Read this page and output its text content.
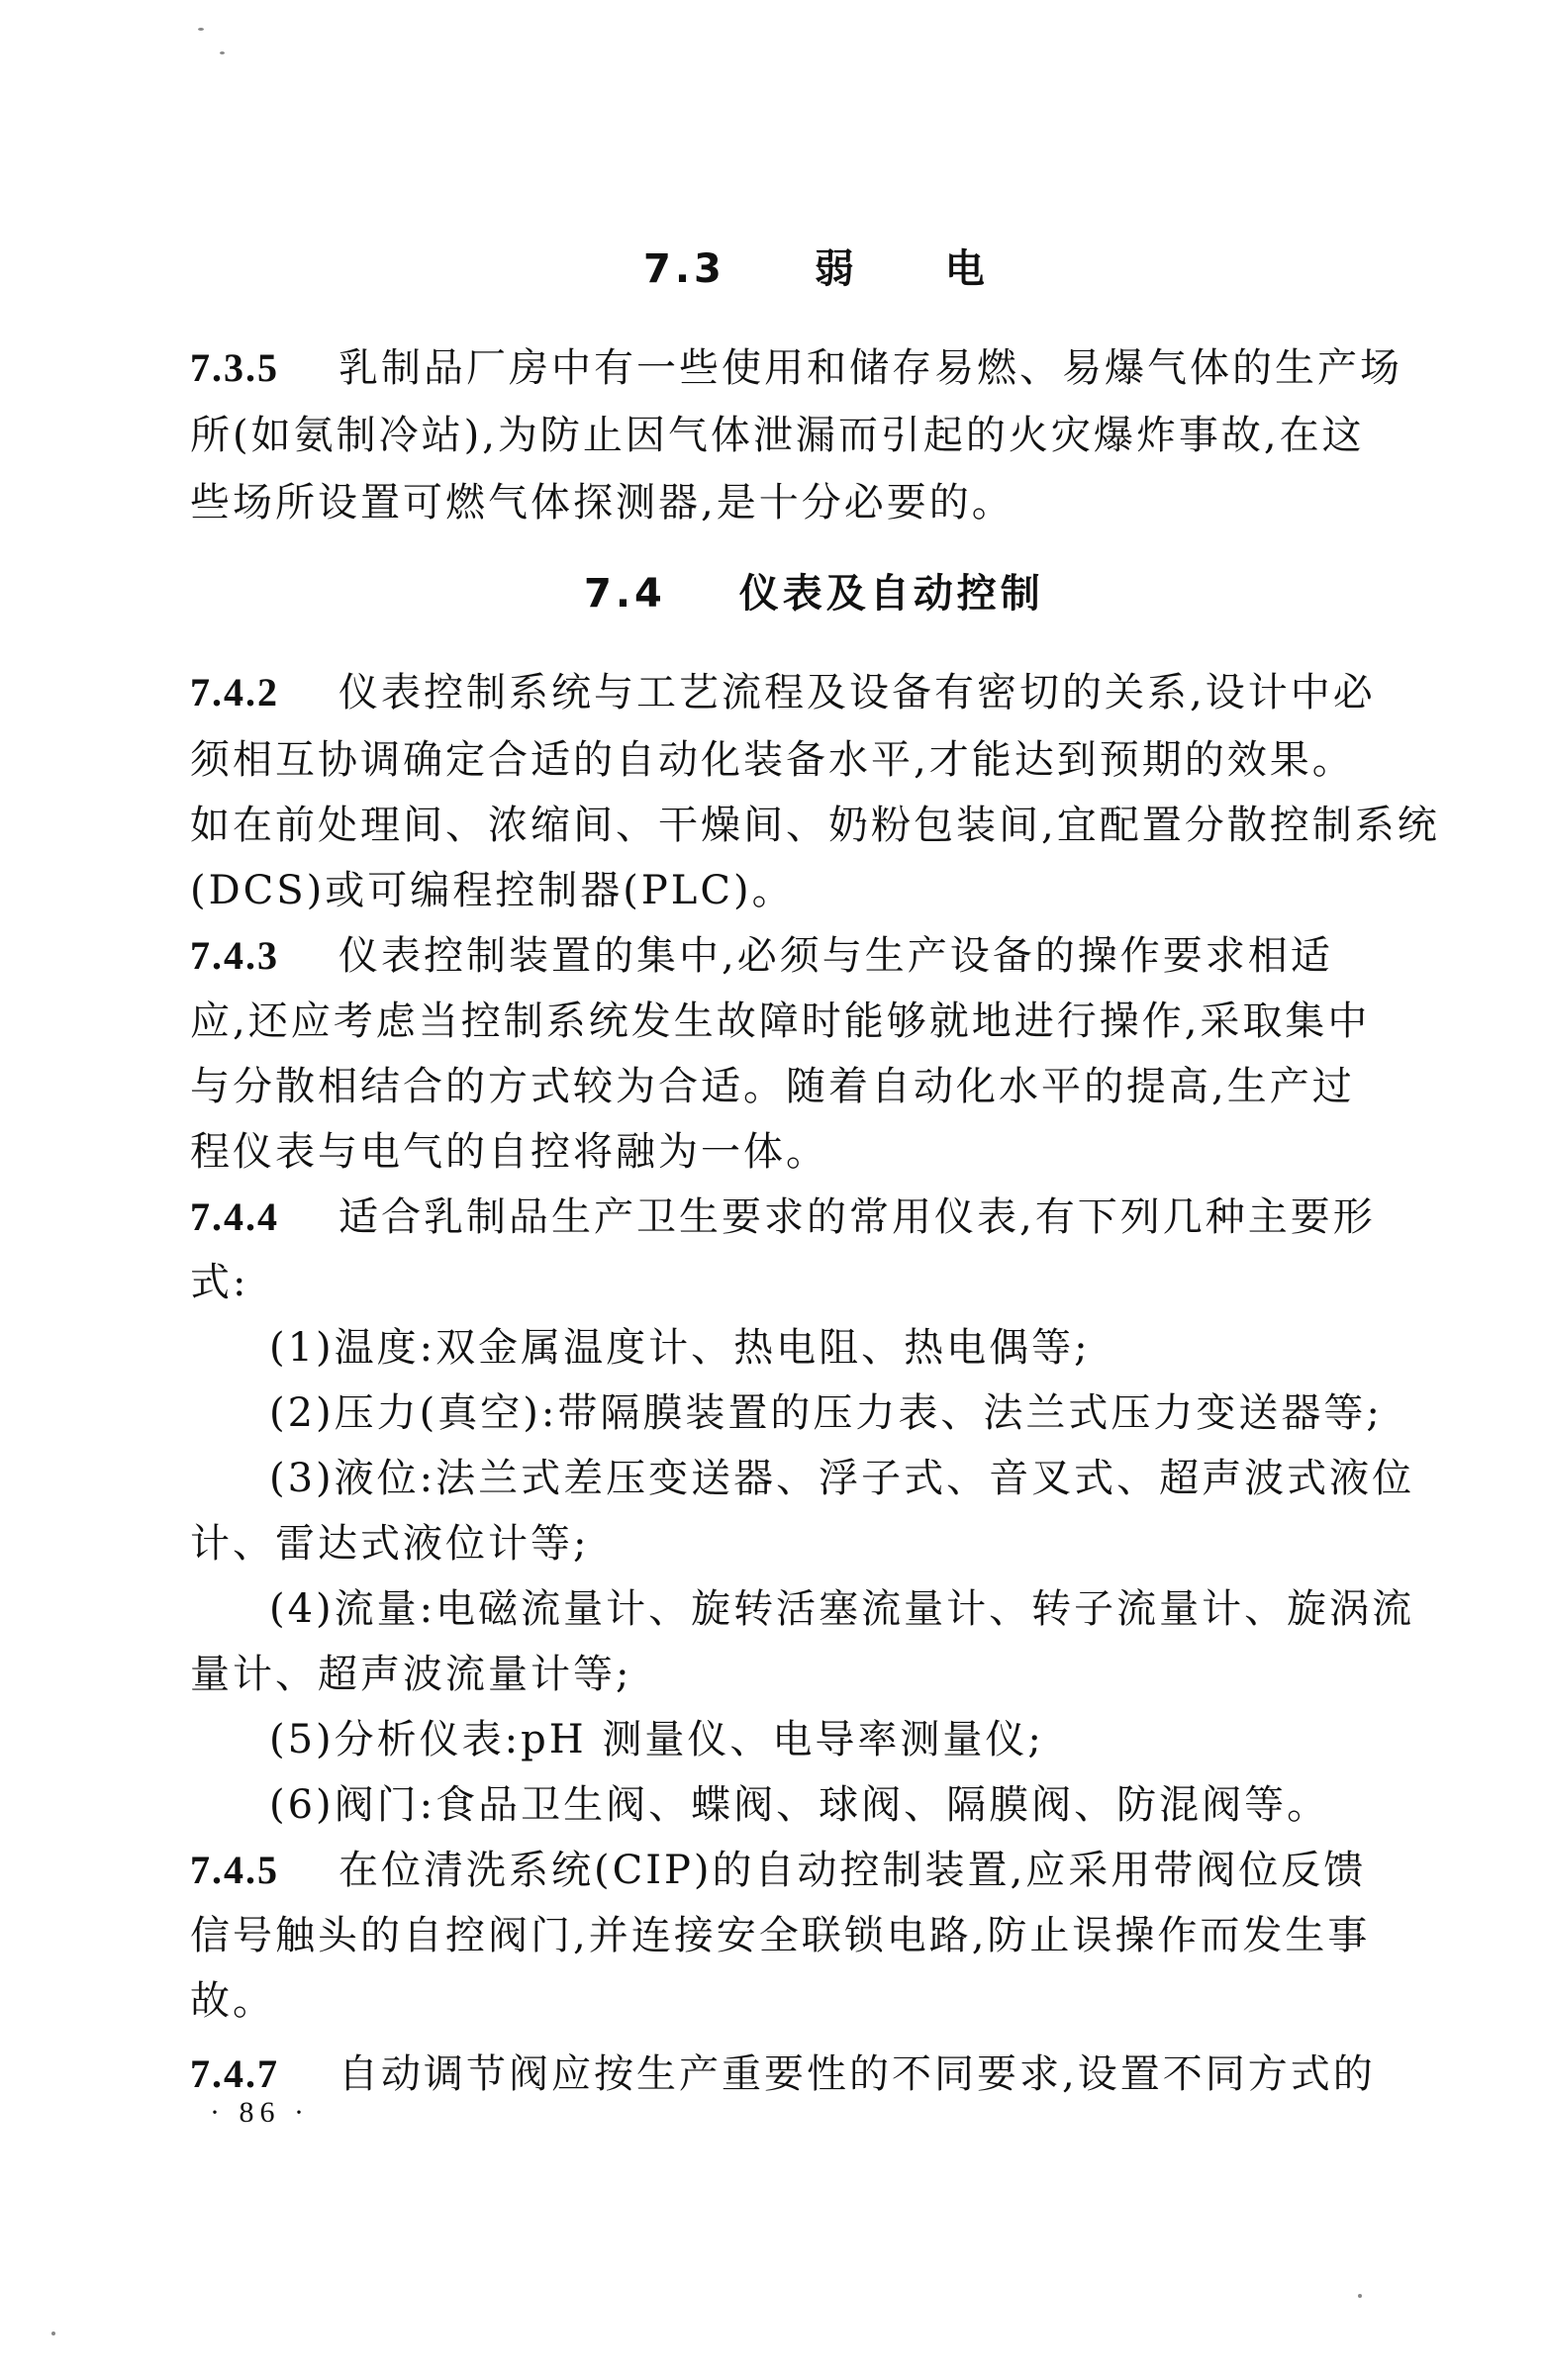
7.3 弱　　电
7.3.5 乳制品厂房中有一些使用和储存易燃、易爆气体的生产场
所(如氨制冷站),为防止因气体泄漏而引起的火灾爆炸事故,在这
些场所设置可燃气体探测器,是十分必要的。
7.4 仪表及自动控制
7.4.2 仪表控制系统与工艺流程及设备有密切的关系,设计中必
须相互协调确定合适的自动化装备水平,才能达到预期的效果。
如在前处理间、浓缩间、干燥间、奶粉包装间,宜配置分散控制系统
(DCS)或可编程控制器(PLC)。
7.4.3 仪表控制装置的集中,必须与生产设备的操作要求相适
应,还应考虑当控制系统发生故障时能够就地进行操作,采取集中
与分散相结合的方式较为合适。随着自动化水平的提高,生产过
程仪表与电气的自控将融为一体。
7.4.4 适合乳制品生产卫生要求的常用仪表,有下列几种主要形
式:
(1)温度:双金属温度计、热电阻、热电偶等;
(2)压力(真空):带隔膜装置的压力表、法兰式压力变送器等;
(3)液位:法兰式差压变送器、浮子式、音叉式、超声波式液位
计、雷达式液位计等;
(4)流量:电磁流量计、旋转活塞流量计、转子流量计、旋涡流
量计、超声波流量计等;
(5)分析仪表:pH 测量仪、电导率测量仪;
(6)阀门:食品卫生阀、蝶阀、球阀、隔膜阀、防混阀等。
7.4.5 在位清洗系统(CIP)的自动控制装置,应采用带阀位反馈
信号触头的自控阀门,并连接安全联锁电路,防止误操作而发生事
故。
7.4.7 自动调节阀应按生产重要性的不同要求,设置不同方式的
· 86 ·
